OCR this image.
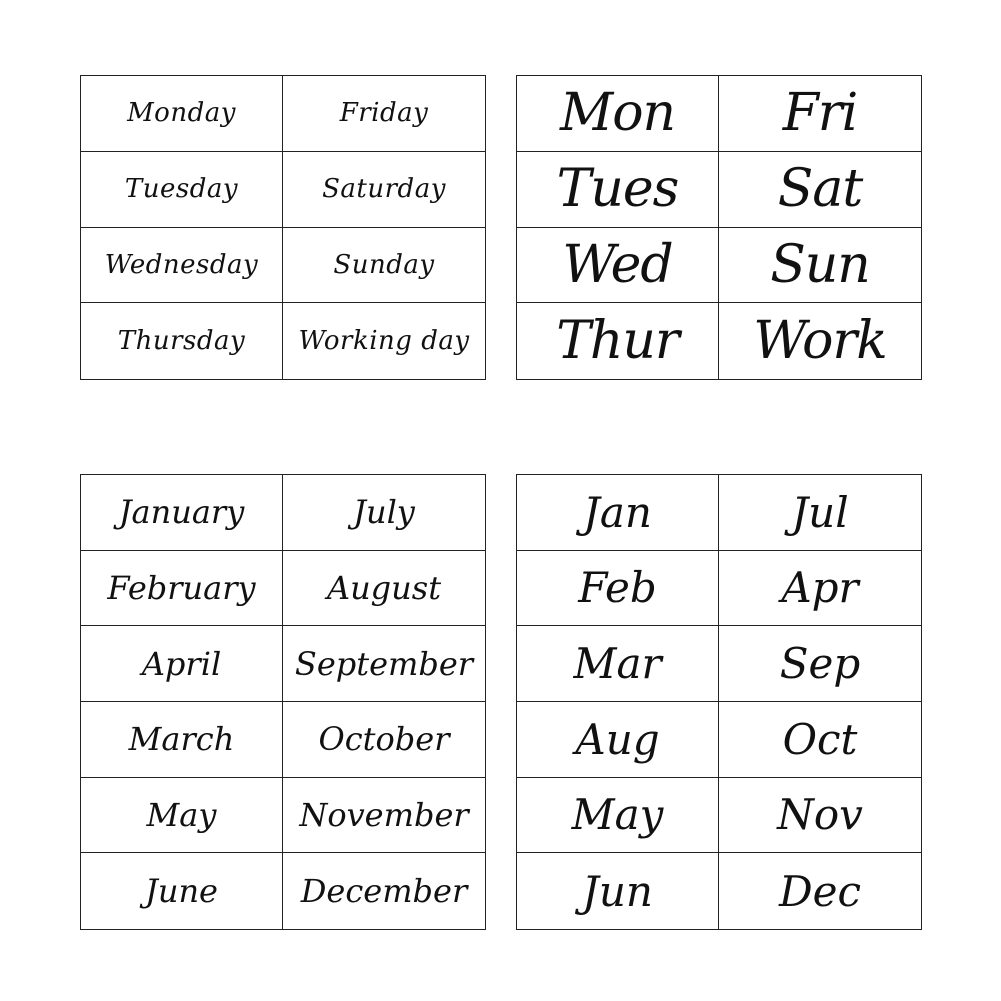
Monday	Friday
Tuesday	Saturday
Wednesday	Sunday
Thursday	Working day
Mon	Fri
Tues	Sat
Wed	Sun
Thur	Work
January	July
February	August
April	September
March	October
May	November
June	December
Jan	Jul
Feb	Apr
Mar	Sep
Aug	Oct
May	Nov
Jun	Dec
